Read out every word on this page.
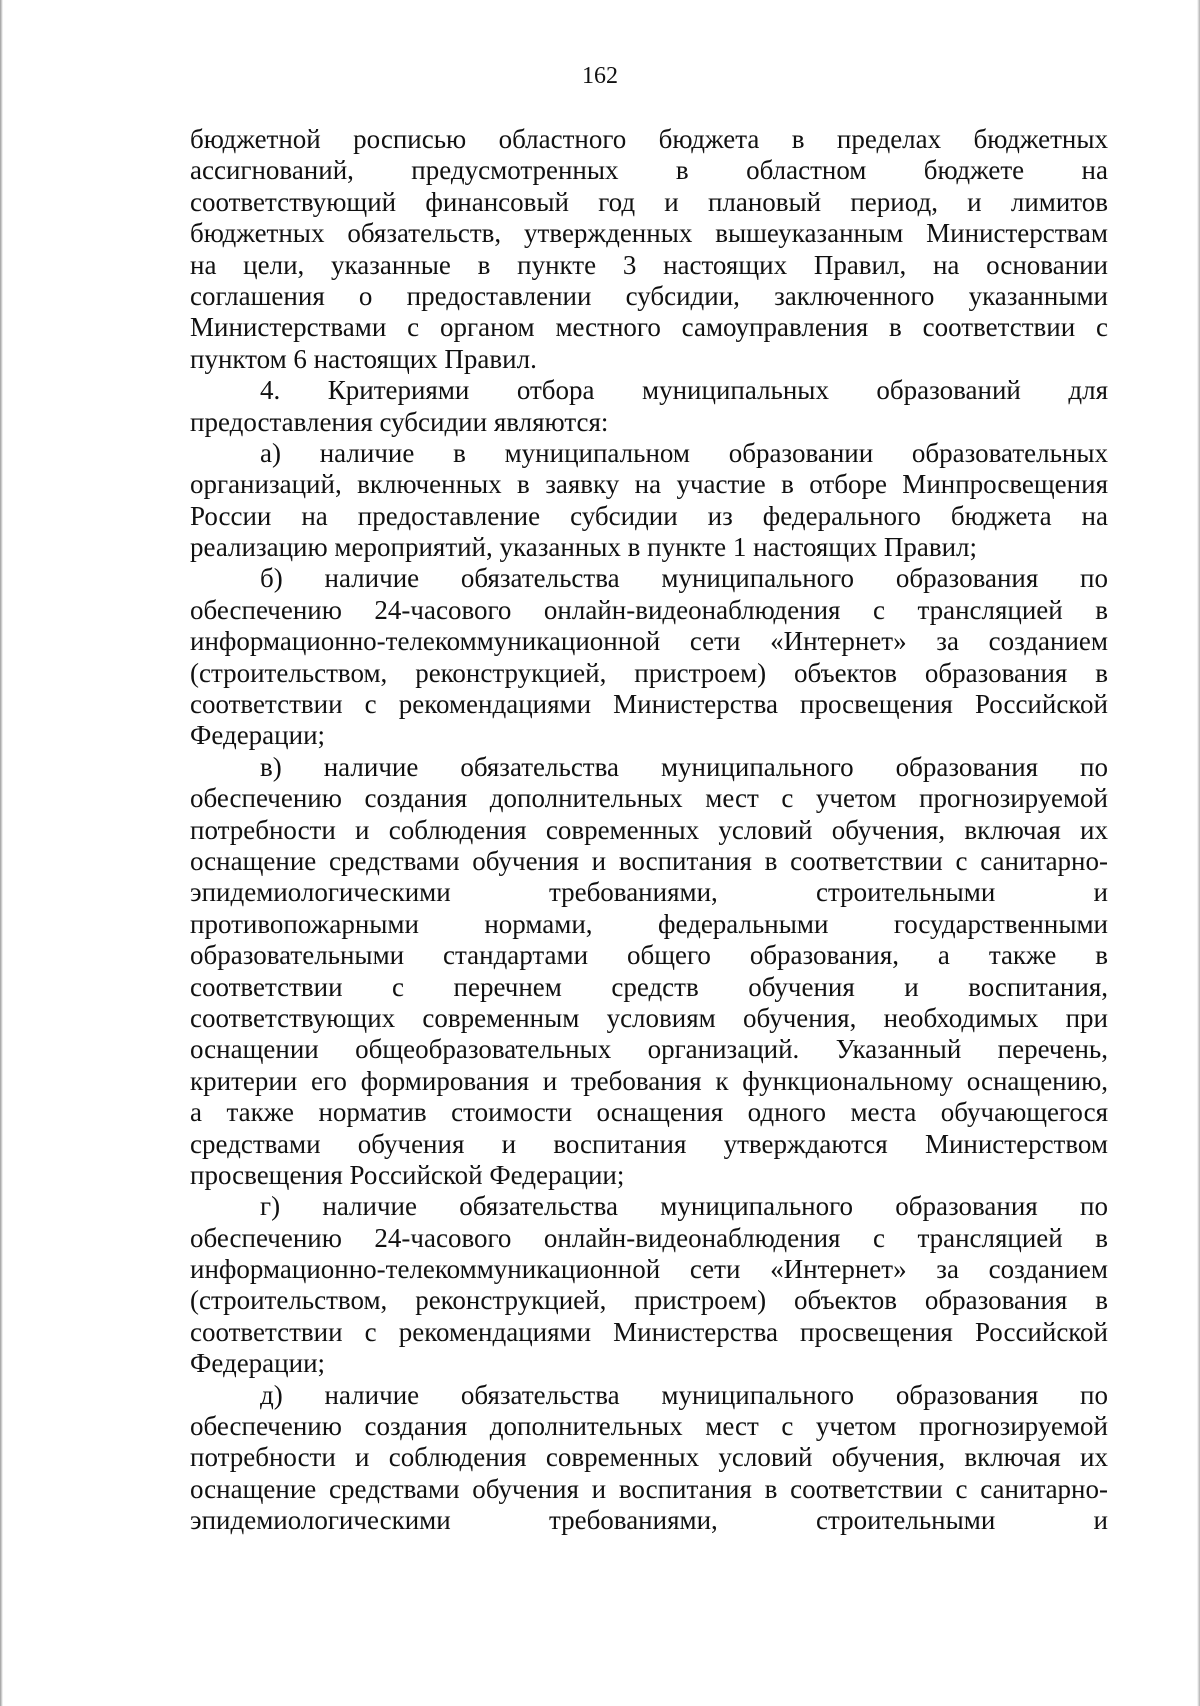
162
бюджетной росписью областного бюджета в пределах бюджетных
ассигнований, предусмотренных в областном бюджете на
соответствующий финансовый год и плановый период, и лимитов
бюджетных обязательств, утвержденных вышеуказанным Министерствам
на цели, указанные в пункте 3 настоящих Правил, на основании
соглашения о предоставлении субсидии, заключенного указанными
Министерствами с органом местного самоуправления в соответствии с
пунктом 6 настоящих Правил.
4. Критериями отбора муниципальных образований для
предоставления субсидии являются:
а) наличие в муниципальном образовании образовательных
организаций, включенных в заявку на участие в отборе Минпросвещения
России на предоставление субсидии из федерального бюджета на
реализацию мероприятий, указанных в пункте 1 настоящих Правил;
б) наличие обязательства муниципального образования по
обеспечению 24-часового онлайн-видеонаблюдения с трансляцией в
информационно-телекоммуникационной сети «Интернет» за созданием
(строительством, реконструкцией, пристроем) объектов образования в
соответствии с рекомендациями Министерства просвещения Российской
Федерации;
в) наличие обязательства муниципального образования по
обеспечению создания дополнительных мест с учетом прогнозируемой
потребности и соблюдения современных условий обучения, включая их
оснащение средствами обучения и воспитания в соответствии с санитарно-
эпидемиологическими требованиями, строительными и
противопожарными нормами, федеральными государственными
образовательными стандартами общего образования, а также в
соответствии с перечнем средств обучения и воспитания,
соответствующих современным условиям обучения, необходимых при
оснащении общеобразовательных организаций. Указанный перечень,
критерии его формирования и требования к функциональному оснащению,
а также норматив стоимости оснащения одного места обучающегося
средствами обучения и воспитания утверждаются Министерством
просвещения Российской Федерации;
г) наличие обязательства муниципального образования по
обеспечению 24-часового онлайн-видеонаблюдения с трансляцией в
информационно-телекоммуникационной сети «Интернет» за созданием
(строительством, реконструкцией, пристроем) объектов образования в
соответствии с рекомендациями Министерства просвещения Российской
Федерации;
д) наличие обязательства муниципального образования по
обеспечению создания дополнительных мест с учетом прогнозируемой
потребности и соблюдения современных условий обучения, включая их
оснащение средствами обучения и воспитания в соответствии с санитарно-
эпидемиологическими требованиями, строительными и
